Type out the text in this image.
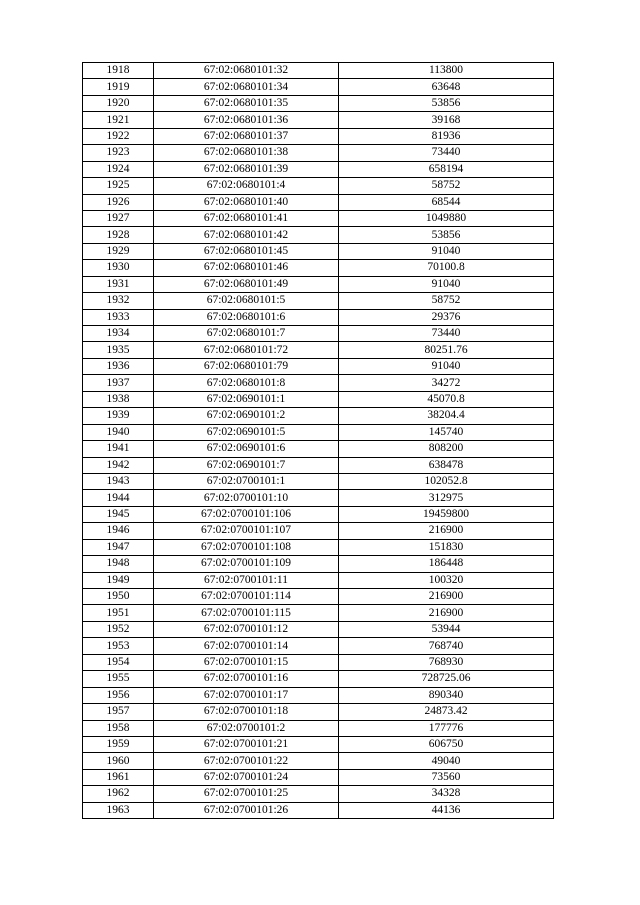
1918	67:02:0680101:32	113800
1919	67:02:0680101:34	63648
1920	67:02:0680101:35	53856
1921	67:02:0680101:36	39168
1922	67:02:0680101:37	81936
1923	67:02:0680101:38	73440
1924	67:02:0680101:39	658194
1925	67:02:0680101:4	58752
1926	67:02:0680101:40	68544
1927	67:02:0680101:41	1049880
1928	67:02:0680101:42	53856
1929	67:02:0680101:45	91040
1930	67:02:0680101:46	70100.8
1931	67:02:0680101:49	91040
1932	67:02:0680101:5	58752
1933	67:02:0680101:6	29376
1934	67:02:0680101:7	73440
1935	67:02:0680101:72	80251.76
1936	67:02:0680101:79	91040
1937	67:02:0680101:8	34272
1938	67:02:0690101:1	45070.8
1939	67:02:0690101:2	38204.4
1940	67:02:0690101:5	145740
1941	67:02:0690101:6	808200
1942	67:02:0690101:7	638478
1943	67:02:0700101:1	102052.8
1944	67:02:0700101:10	312975
1945	67:02:0700101:106	19459800
1946	67:02:0700101:107	216900
1947	67:02:0700101:108	151830
1948	67:02:0700101:109	186448
1949	67:02:0700101:11	100320
1950	67:02:0700101:114	216900
1951	67:02:0700101:115	216900
1952	67:02:0700101:12	53944
1953	67:02:0700101:14	768740
1954	67:02:0700101:15	768930
1955	67:02:0700101:16	728725.06
1956	67:02:0700101:17	890340
1957	67:02:0700101:18	24873.42
1958	67:02:0700101:2	177776
1959	67:02:0700101:21	606750
1960	67:02:0700101:22	49040
1961	67:02:0700101:24	73560
1962	67:02:0700101:25	34328
1963	67:02:0700101:26	44136
